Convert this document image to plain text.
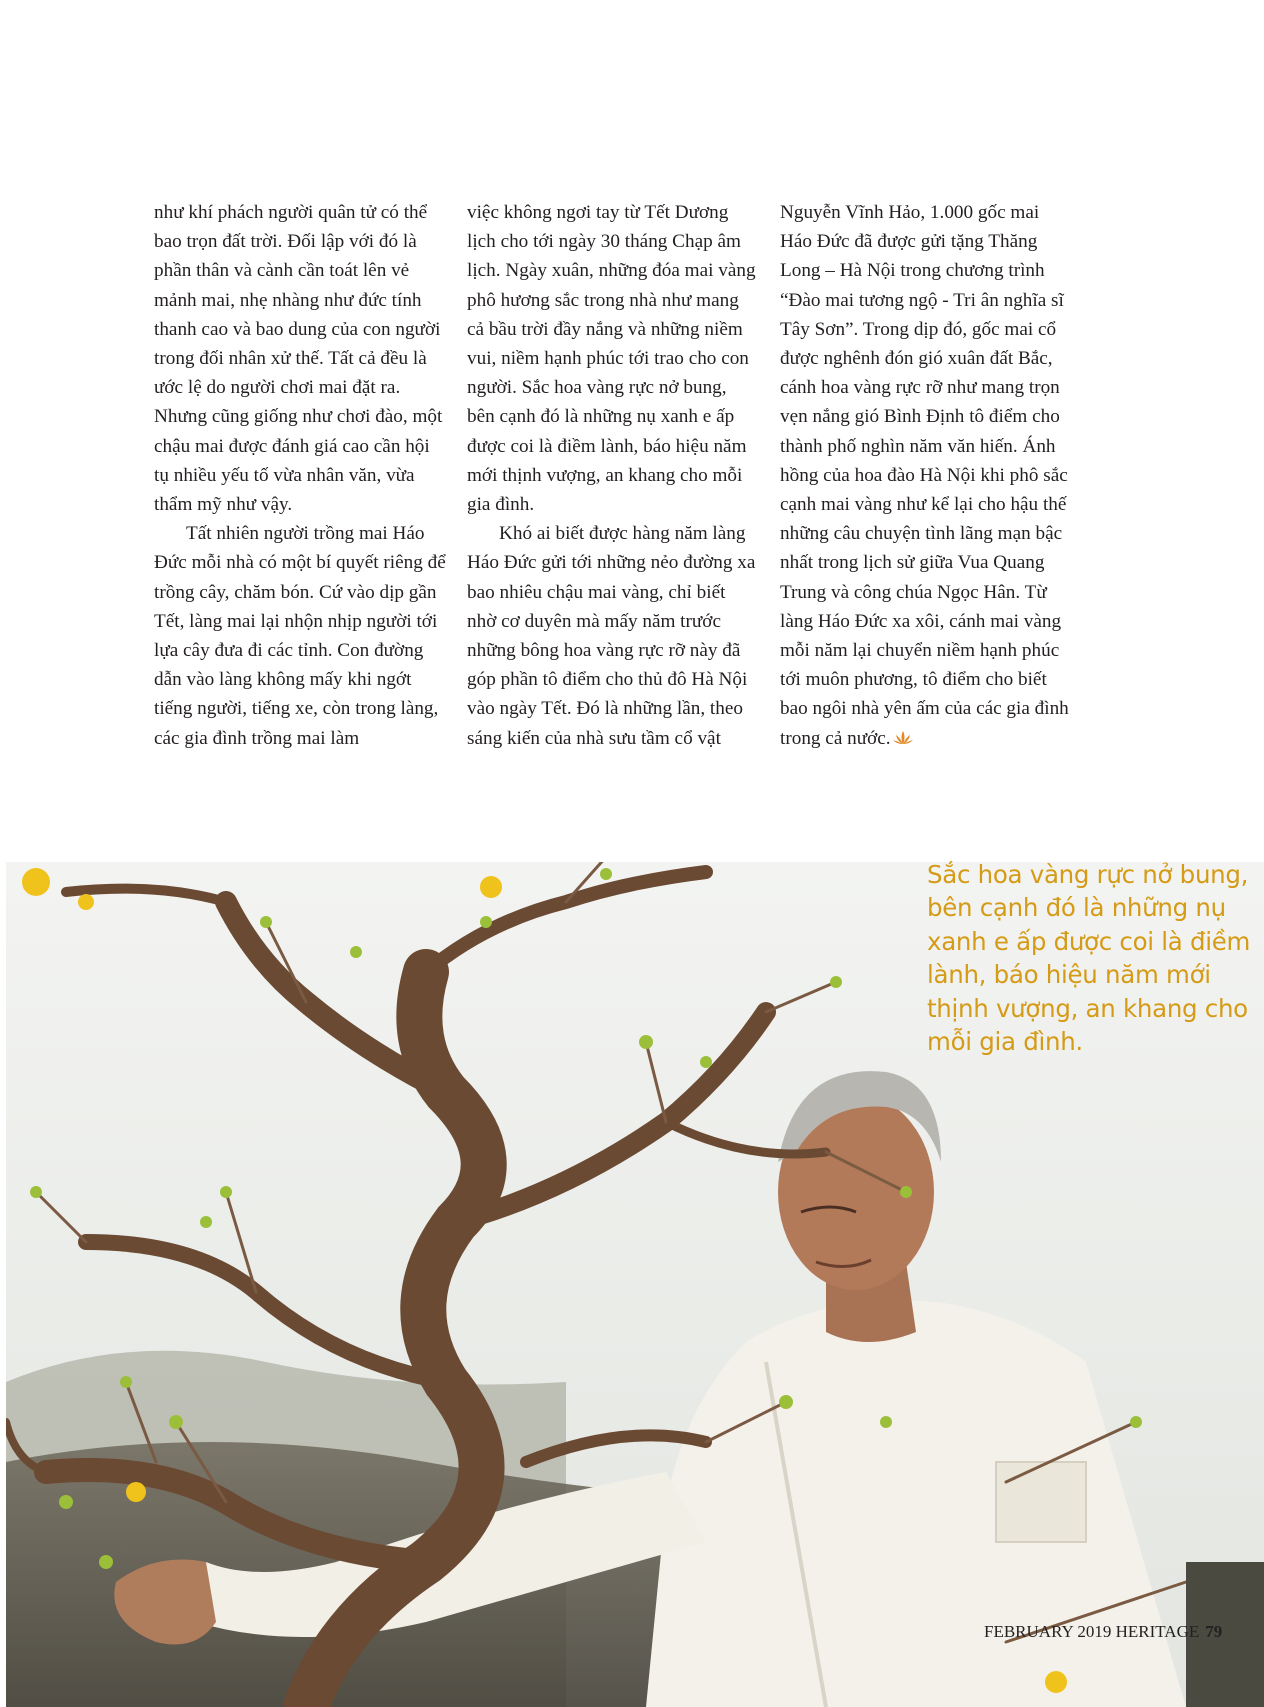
như khí phách người quân tử có thể bao trọn đất trời. Đối lập với đó là phần thân và cành cần toát lên vẻ mảnh mai, nhẹ nhàng như đức tính thanh cao và bao dung của con người trong đối nhân xử thế. Tất cả đều là ước lệ do người chơi mai đặt ra. Nhưng cũng giống như chơi đào, một chậu mai được đánh giá cao cần hội tụ nhiều yếu tố vừa nhân văn, vừa thẩm mỹ như vậy.

Tất nhiên người trồng mai Háo Đức mỗi nhà có một bí quyết riêng để trồng cây, chăm bón. Cứ vào dịp gần Tết, làng mai lại nhộn nhịp người tới lựa cây đưa đi các tỉnh. Con đường dẫn vào làng không mấy khi ngớt tiếng người, tiếng xe, còn trong làng, các gia đình trồng mai làm

việc không ngơi tay từ Tết Dương lịch cho tới ngày 30 tháng Chạp âm lịch. Ngày xuân, những đóa mai vàng phô hương sắc trong nhà như mang cả bầu trời đầy nắng và những niềm vui, niềm hạnh phúc tới trao cho con người. Sắc hoa vàng rực nở bung, bên cạnh đó là những nụ xanh e ấp được coi là điềm lành, báo hiệu năm mới thịnh vượng, an khang cho mỗi gia đình.

Khó ai biết được hàng năm làng Háo Đức gửi tới những nẻo đường xa bao nhiêu chậu mai vàng, chỉ biết nhờ cơ duyên mà mấy năm trước những bông hoa vàng rực rỡ này đã góp phần tô điểm cho thủ đô Hà Nội vào ngày Tết. Đó là những lần, theo sáng kiến của nhà sưu tầm cổ vật

Nguyễn Vĩnh Hảo, 1.000 gốc mai Háo Đức đã được gửi tặng Thăng Long – Hà Nội trong chương trình “Đào mai tương ngộ - Tri ân nghĩa sĩ Tây Sơn”. Trong dịp đó, gốc mai cổ được nghênh đón gió xuân đất Bắc, cánh hoa vàng rực rỡ như mang trọn vẹn nắng gió Bình Định tô điểm cho thành phố nghìn năm văn hiến. Ánh hồng của hoa đào Hà Nội khi phô sắc cạnh mai vàng như kể lại cho hậu thế những câu chuyện tình lãng mạn bậc nhất trong lịch sử giữa Vua Quang Trung và công chúa Ngọc Hân. Từ làng Háo Đức xa xôi, cánh mai vàng mỗi năm lại chuyển niềm hạnh phúc tới muôn phương, tô điểm cho biết bao ngôi nhà yên ấm của các gia đình trong cả nước.

Sắc hoa vàng rực nở bung, bên cạnh đó là những nụ xanh e ấp được coi là điềm lành, báo hiệu năm mới thịnh vượng, an khang cho mỗi gia đình.

FEBRUARY 2019 HERITAGE 79
